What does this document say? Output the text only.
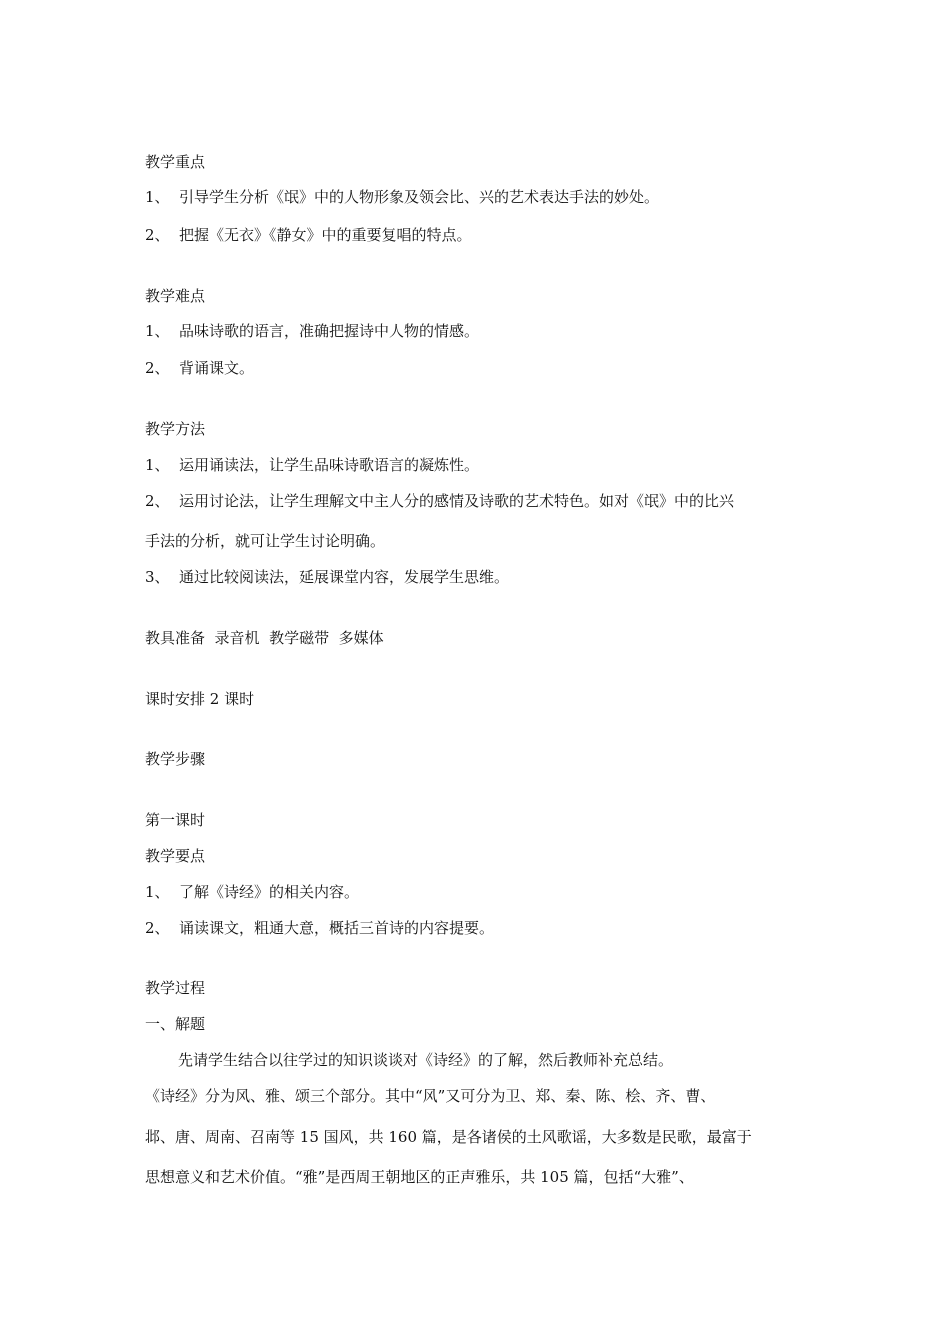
教学重点
1、 引导学生分析《氓》中的人物形象及领会比、兴的艺术表达手法的妙处。
2、 把握《无衣》《静女》中的重要复唱的特点。
教学难点
1、 品味诗歌的语言，准确把握诗中人物的情感。
2、 背诵课文。
教学方法
1、 运用诵读法，让学生品味诗歌语言的凝炼性。
2、 运用讨论法，让学生理解文中主人分的感情及诗歌的艺术特色。如对《氓》中的比兴
手法的分析，就可让学生讨论明确。
3、 通过比较阅读法，延展课堂内容，发展学生思维。
教具准备  录音机  教学磁带  多媒体
课时安排 2 课时
教学步骤
第一课时
教学要点
1、 了解《诗经》的相关内容。
2、 诵读课文，粗通大意，概括三首诗的内容提要。
教学过程
一、解题
先请学生结合以往学过的知识谈谈对《诗经》的了解，然后教师补充总结。
《诗经》分为风、雅、颂三个部分。其中“风”又可分为卫、郑、秦、陈、桧、齐、曹、
邶、唐、周南、召南等 15 国风，共 160 篇，是各诸侯的土风歌谣，大多数是民歌，最富于
思想意义和艺术价值。“雅”是西周王朝地区的正声雅乐，共 105 篇，包括“大雅”、
